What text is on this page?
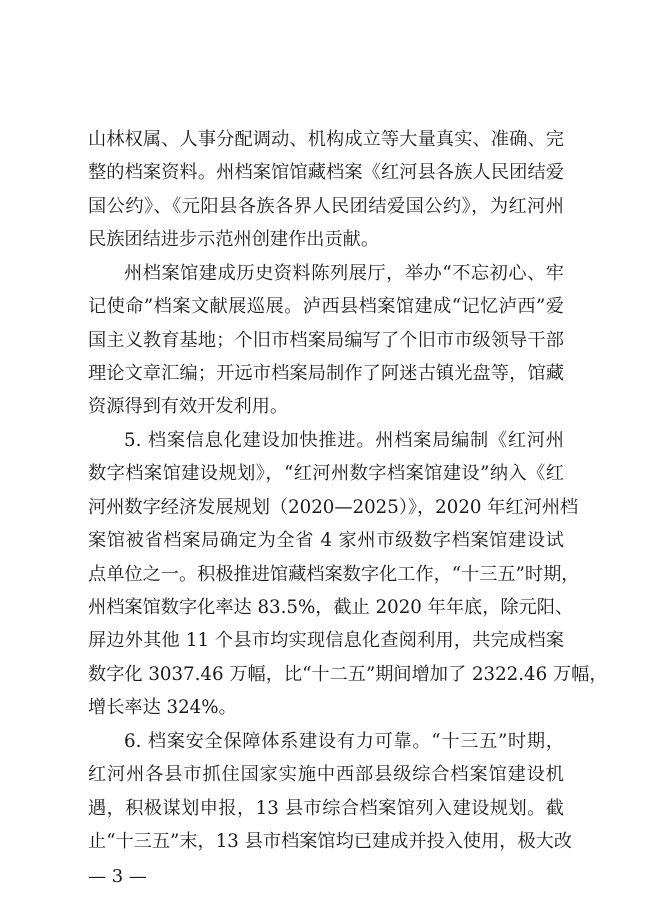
山林权属、人事分配调动、机构成立等大量真实、准确、完
整的档案资料。州档案馆馆藏档案《红河县各族人民团结爱
国公约》、《元阳县各族各界人民团结爱国公约》，为红河州
民族团结进步示范州创建作出贡献。
州档案馆建成历史资料陈列展厅，举办“不忘初心、牢
记使命”档案文献展巡展。泸西县档案馆建成“记忆泸西”爱
国主义教育基地；个旧市档案局编写了个旧市市级领导干部
理论文章汇编；开远市档案局制作了阿迷古镇光盘等，馆藏
资源得到有效开发利用。
5. 档案信息化建设加快推进。州档案局编制《红河州
数字档案馆建设规划》，“红河州数字档案馆建设”纳入《红
河州数字经济发展规划（2020—2025）》，2020 年红河州档
案馆被省档案局确定为全省 4 家州市级数字档案馆建设试
点单位之一。积极推进馆藏档案数字化工作，“十三五”时期，
州档案馆数字化率达 83.5%，截止 2020 年年底，除元阳、
屏边外其他 11 个县市均实现信息化查阅利用，共完成档案
数字化 3037.46 万幅，比“十二五”期间增加了 2322.46 万幅，
增长率达 324%。
6. 档案安全保障体系建设有力可靠。“十三五”时期，
红河州各县市抓住国家实施中西部县级综合档案馆建设机
遇，积极谋划申报，13 县市综合档案馆列入建设规划。截
止“十三五”末，13 县市档案馆均已建成并投入使用，极大改
— 3 —
